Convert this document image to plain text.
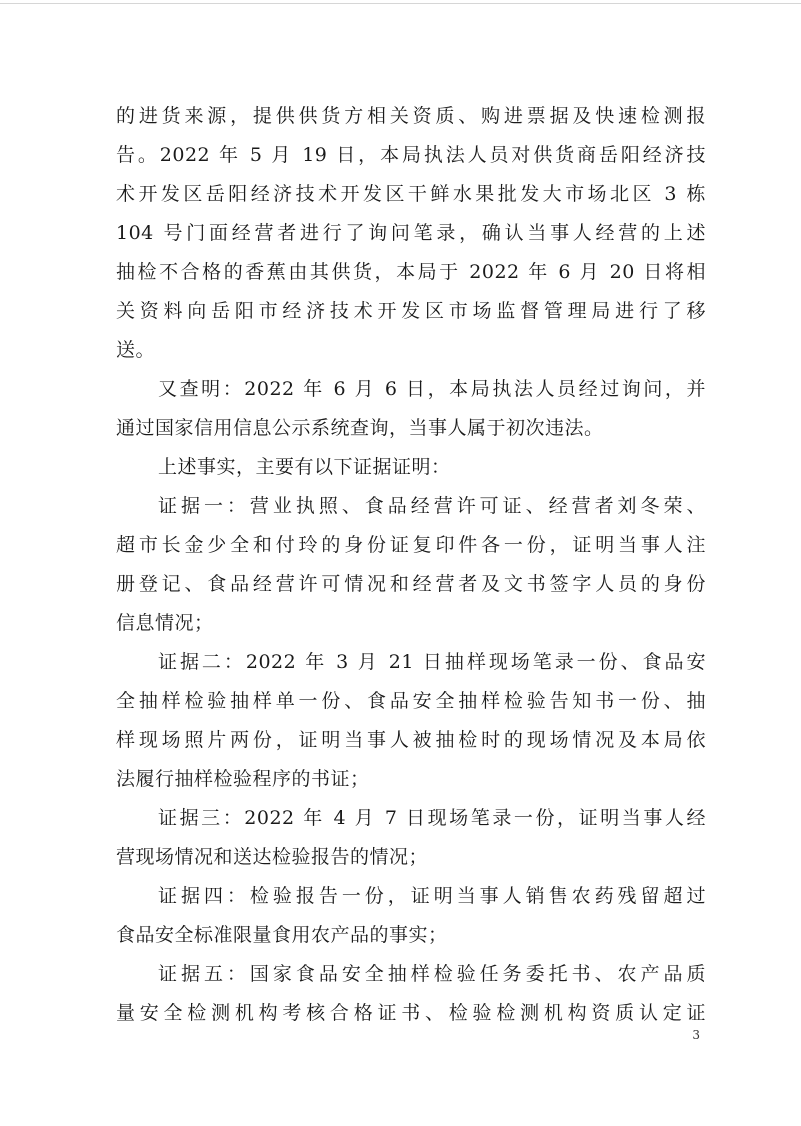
的进货来源，提供供货方相关资质、购进票据及快速检测报
告。2022 年 5 月 19 日，本局执法人员对供货商岳阳经济技
术开发区岳阳经济技术开发区干鲜水果批发大市场北区 3 栋
104 号门面经营者进行了询问笔录，确认当事人经营的上述
抽检不合格的香蕉由其供货，本局于 2022 年 6 月 20 日将相
关资料向岳阳市经济技术开发区市场监督管理局进行了移
送。
又查明：2022 年 6 月 6 日，本局执法人员经过询问，并
通过国家信用信息公示系统查询，当事人属于初次违法。
上述事实，主要有以下证据证明：
证据一：营业执照、食品经营许可证、经营者刘冬荣、
超市长金少全和付玲的身份证复印件各一份，证明当事人注
册登记、食品经营许可情况和经营者及文书签字人员的身份
信息情况；
证据二：2022 年 3 月 21 日抽样现场笔录一份、食品安
全抽样检验抽样单一份、食品安全抽样检验告知书一份、抽
样现场照片两份，证明当事人被抽检时的现场情况及本局依
法履行抽样检验程序的书证；
证据三：2022 年 4 月 7 日现场笔录一份，证明当事人经
营现场情况和送达检验报告的情况；
证据四：检验报告一份，证明当事人销售农药残留超过
食品安全标准限量食用农产品的事实；
证据五：国家食品安全抽样检验任务委托书、农产品质
量安全检测机构考核合格证书、检验检测机构资质认定证
3
